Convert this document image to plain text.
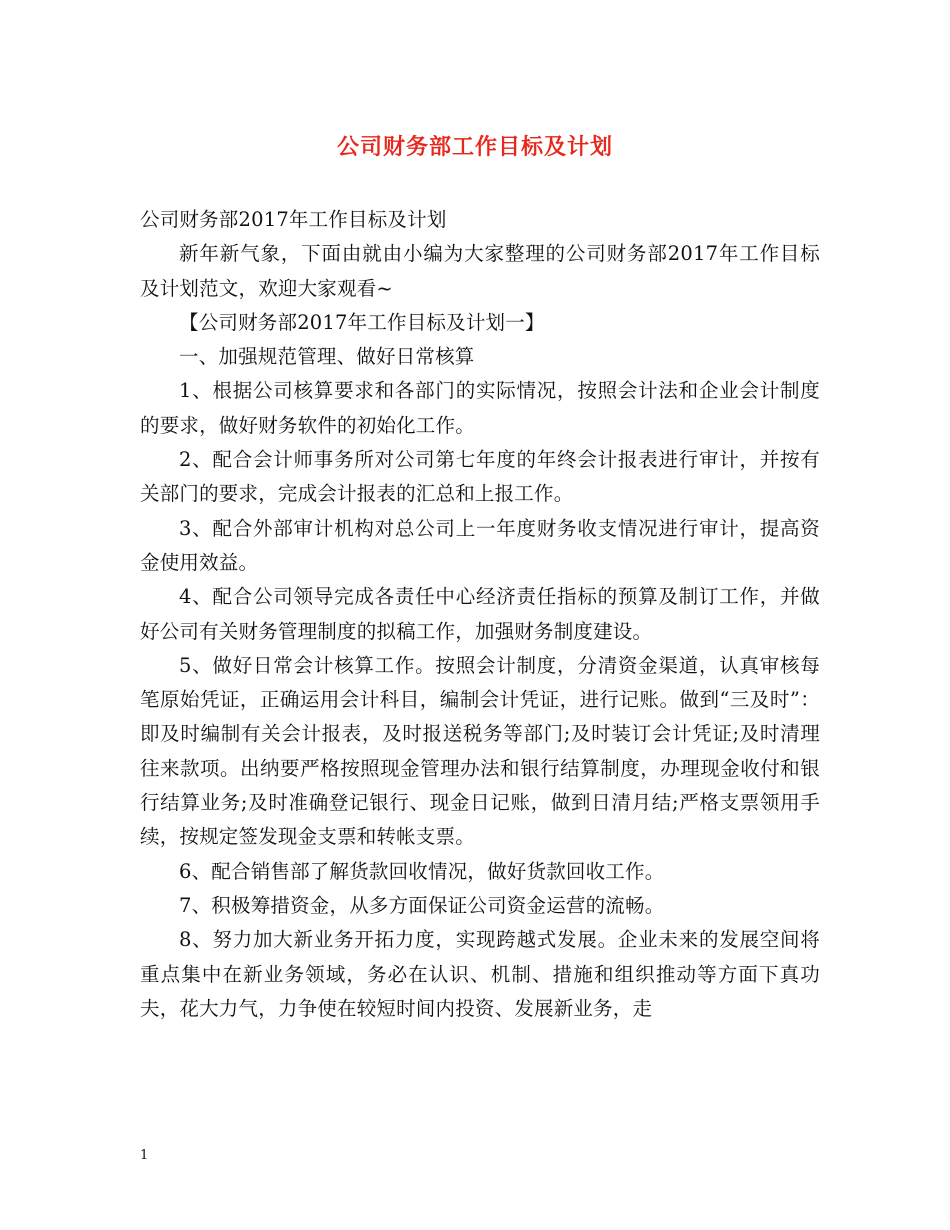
公司财务部工作目标及计划

公司财务部2017年工作目标及计划

新年新气象，下面由就由小编为大家整理的公司财务部2017年工作目标及计划范文，欢迎大家观看~

【公司财务部2017年工作目标及计划一】

一、加强规范管理、做好日常核算

1、根据公司核算要求和各部门的实际情况，按照会计法和企业会计制度的要求，做好财务软件的初始化工作。

2、配合会计师事务所对公司第七年度的年终会计报表进行审计，并按有关部门的要求，完成会计报表的汇总和上报工作。

3、配合外部审计机构对总公司上一年度财务收支情况进行审计，提高资金使用效益。

4、配合公司领导完成各责任中心经济责任指标的预算及制订工作，并做好公司有关财务管理制度的拟稿工作，加强财务制度建设。

5、做好日常会计核算工作。按照会计制度，分清资金渠道，认真审核每笔原始凭证，正确运用会计科目，编制会计凭证，进行记账。做到“三及时”：即及时编制有关会计报表，及时报送税务等部门;及时装订会计凭证;及时清理往来款项。出纳要严格按照现金管理办法和银行结算制度，办理现金收付和银行结算业务;及时准确登记银行、现金日记账，做到日清月结;严格支票领用手续，按规定签发现金支票和转帐支票。

6、配合销售部了解货款回收情况，做好货款回收工作。

7、积极筹措资金，从多方面保证公司资金运营的流畅。

8、努力加大新业务开拓力度，实现跨越式发展。企业未来的发展空间将重点集中在新业务领域，务必在认识、机制、措施和组织推动等方面下真功夫，花大力气，力争使在较短时间内投资、发展新业务，走

1
